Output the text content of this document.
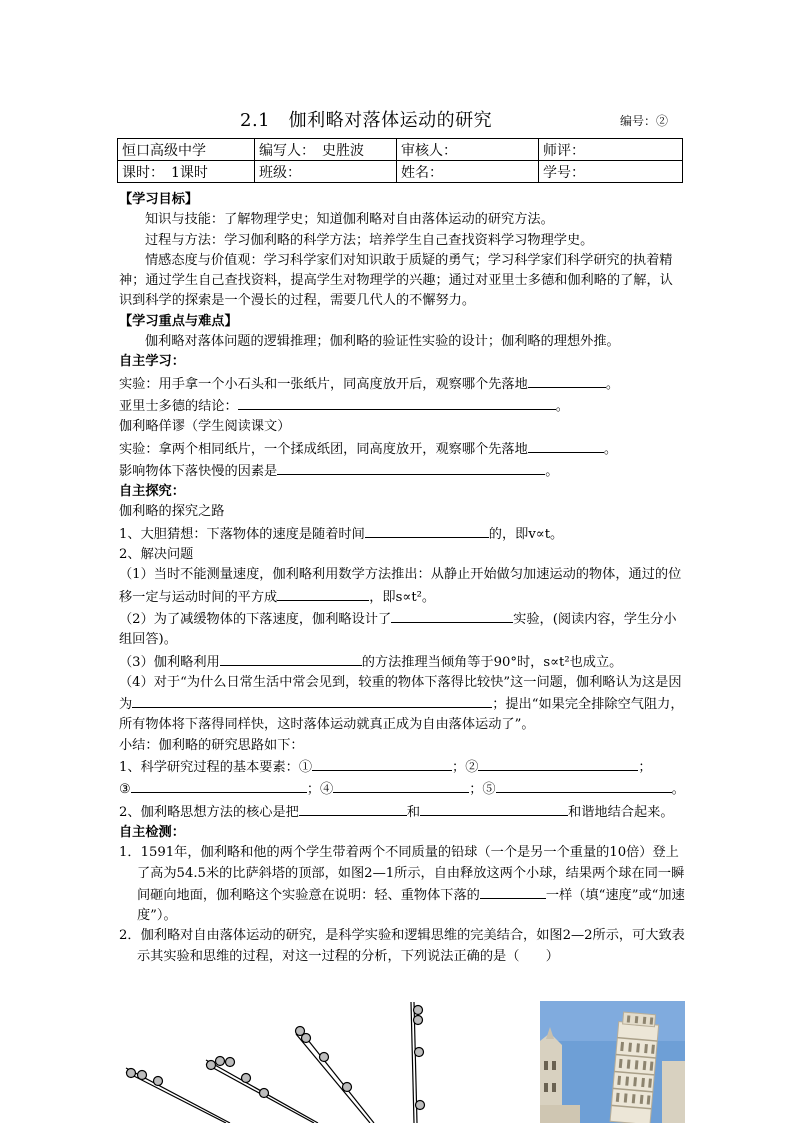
2.1　伽利略对落体运动的研究	编号：②
恒口高级中学	编写人：　史胜波	审核人：	师评：
课时：　1课时	班级：	姓名：	学号：

【学习目标】

知识与技能：了解物理学史；知道伽利略对自由落体运动的研究方法。

过程与方法：学习伽利略的科学方法；培养学生自己查找资料学习物理学史。

情感态度与价值观：学习科学家们对知识敢于质疑的勇气；学习科学家们科学研究的执着精神；通过学生自己查找资料，提高学生对物理学的兴趣；通过对亚里士多德和伽利略的了解，认识到科学的探索是一个漫长的过程，需要几代人的不懈努力。

【学习重点与难点】

伽利略对落体问题的逻辑推理；伽利略的验证性实验的设计；伽利略的理想外推。

自主学习：

实验：用手拿一个小石头和一张纸片，同高度放开后，观察哪个先落地	。

亚里士多德的结论：	。

伽利略佯谬（学生阅读课文）

实验：拿两个相同纸片，一个揉成纸团，同高度放开，观察哪个先落地	。

影响物体下落快慢的因素是	。

自主探究：

伽利略的探究之路

1、大胆猜想：下落物体的速度是随着时间	的，即v∝t。

2、解决问题

（1）当时不能测量速度，伽利略利用数学方法推出：从静止开始做匀加速运动的物体，通过的位移一定与运动时间的平方成	，即s∝t²。

（2）为了减缓物体的下落速度，伽利略设计了	实验，(阅读内容，学生分小组回答)。

（3）伽利略利用	的方法推理当倾角等于90°时，s∝t²也成立。

（4）对于“为什么日常生活中常会见到，较重的物体下落得比较快”这一问题，伽利略认为这是因为	；提出“如果完全排除空气阻力，所有物体将下落得同样快，这时落体运动就真正成为自由落体运动了”。

小结：伽利略的研究思路如下：

1、科学研究过程的基本要素：①	；②	；

③	；④	；⑤	。

2、伽利略思想方法的核心是把	和	和谐地结合起来。

自主检测：

1．1591年，伽利略和他的两个学生带着两个不同质量的铅球（一个是另一个重量的10倍）登上了高为54.5米的比萨斜塔的顶部，如图2—1所示，自由释放这两个小球，结果两个球在同一瞬间砸向地面，伽利略这个实验意在说明：轻、重物体下落的	一样（填“速度”或“加速度”）。

2．伽利略对自由落体运动的研究，是科学实验和逻辑思维的完美结合，如图2—2所示，可大致表示其实验和思维的过程，对这一过程的分析，下列说法正确的是（　　）
